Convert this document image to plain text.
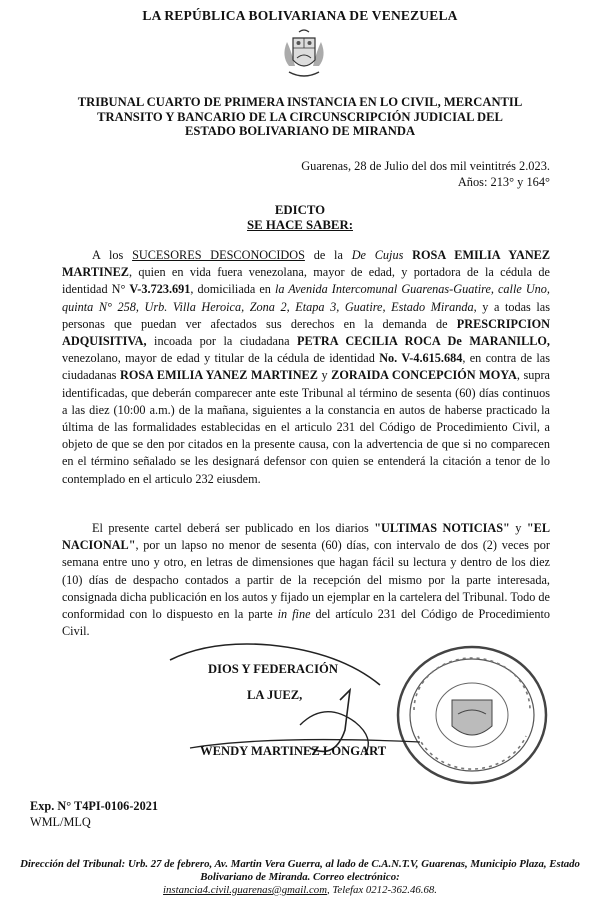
LA REPÚBLICA BOLIVARIANA DE VENEZUELA
TRIBUNAL CUARTO DE PRIMERA INSTANCIA EN LO CIVIL, MERCANTIL
TRANSITO Y BANCARIO DE LA CIRCUNSCRIPCIÓN JUDICIAL DEL
ESTADO BOLIVARIANO DE MIRANDA
Guarenas, 28 de Julio del dos mil veintitrés 2.023.
Años: 213° y 164°
EDICTO
SE HACE SABER:
A los SUCESORES DESCONOCIDOS de la De Cujus ROSA EMILIA YANEZ MARTINEZ, quien en vida fuera venezolana, mayor de edad, y portadora de la cédula de identidad N° V-3.723.691, domiciliada en la Avenida Intercomunal Guarenas-Guatire, calle Uno, quinta N° 258, Urb. Villa Heroica, Zona 2, Etapa 3, Guatire, Estado Miranda, y a todas las personas que puedan ver afectados sus derechos en la demanda de PRESCRIPCION ADQUISITIVA, incoada por la ciudadana PETRA CECILIA ROCA De MARANILLO, venezolano, mayor de edad y titular de la cédula de identidad No. V-4.615.684, en contra de las ciudadanas ROSA EMILIA YANEZ MARTINEZ y ZORAIDA CONCEPCIÓN MOYA, supra identificadas, que deberán comparecer ante este Tribunal al término de sesenta (60) días continuos a las diez (10:00 a.m.) de la mañana, siguientes a la constancia en autos de haberse practicado la última de las formalidades establecidas en el articulo 231 del Código de Procedimiento Civil, a objeto de que se den por citados en la presente causa, con la advertencia de que si no comparecen en el término señalado se les designará defensor con quien se entenderá la citación a tenor de lo contemplado en el articulo 232 eiusdem.
El presente cartel deberá ser publicado en los diarios "ULTIMAS NOTICIAS" y "EL NACIONAL", por un lapso no menor de sesenta (60) días, con intervalo de dos (2) veces por semana entre uno y otro, en letras de dimensiones que hagan fácil su lectura y dentro de los diez (10) días de despacho contados a partir de la recepción del mismo por la parte interesada, consignada dicha publicación en los autos y fijado un ejemplar en la cartelera del Tribunal. Todo de conformidad con lo dispuesto en la parte in fine del artículo 231 del Código de Procedimiento Civil.
DIOS Y FEDERACIÓN
LA JUEZ,
WENDY MARTINEZ LONGART
Exp. N° T4PI-0106-2021
WML/MLQ
Dirección del Tribunal: Urb. 27 de febrero, Av. Martin Vera Guerra, al lado de C.A.N.T.V, Guarenas, Municipio Plaza, Estado Bolivariano de Miranda. Correo electrónico:
instancia4.civil.guarenas@gmail.com, Telefax 0212-362.46.68.
